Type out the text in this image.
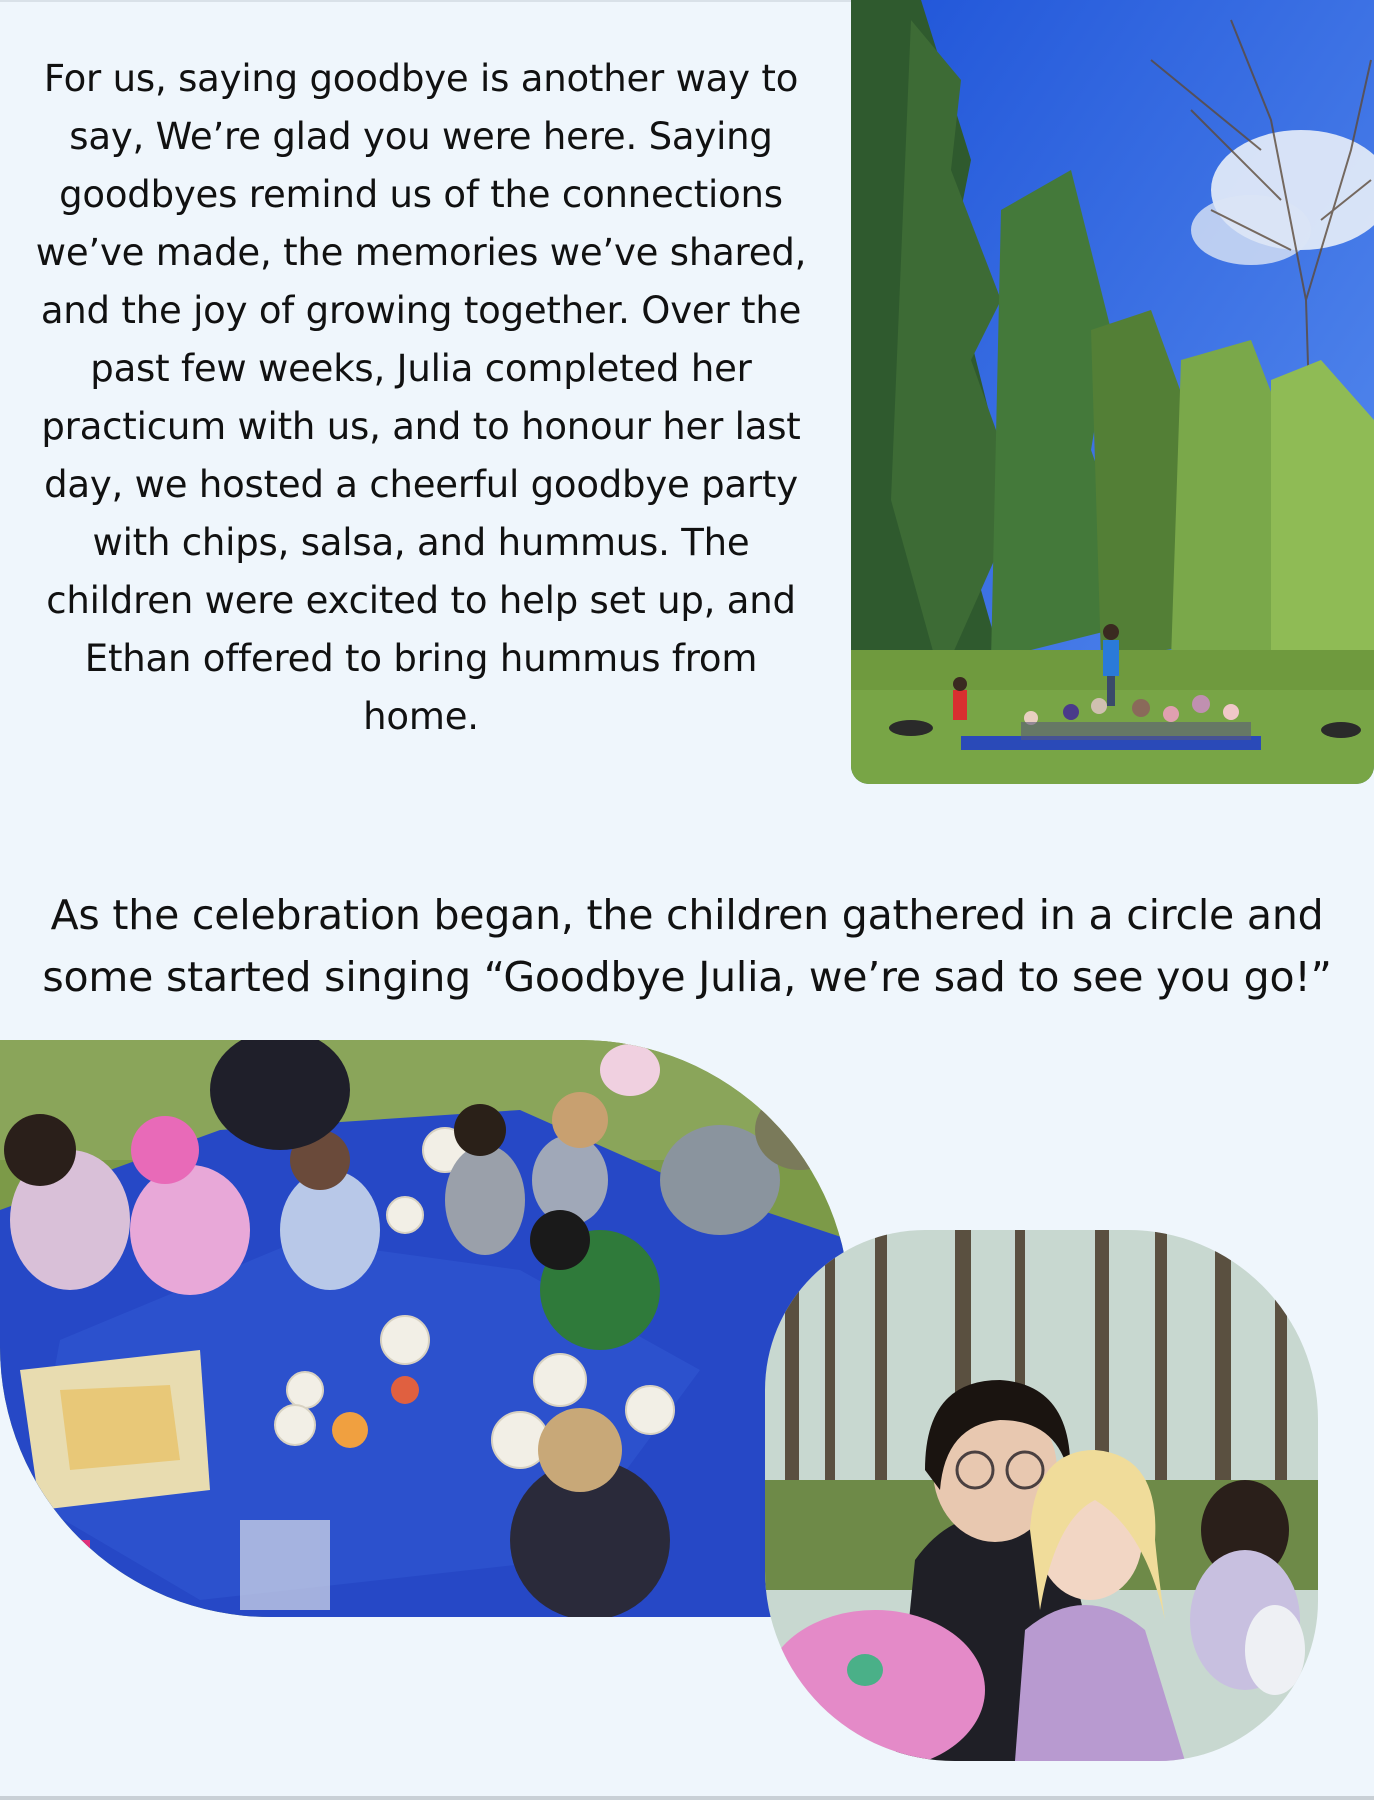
For us, saying goodbye is another way to say, We’re glad you were here. Saying goodbyes remind us of the connections we’ve made, the memories we’ve shared, and the joy of growing together. Over the past few weeks, Julia completed her practicum with us, and to honour her last day, we hosted a cheerful goodbye party with chips, salsa, and hummus. The children were excited to help set up, and Ethan offered to bring hummus from home.

As the celebration began, the children gathered in a circle and some started singing “Goodbye Julia, we’re sad to see you go!”
